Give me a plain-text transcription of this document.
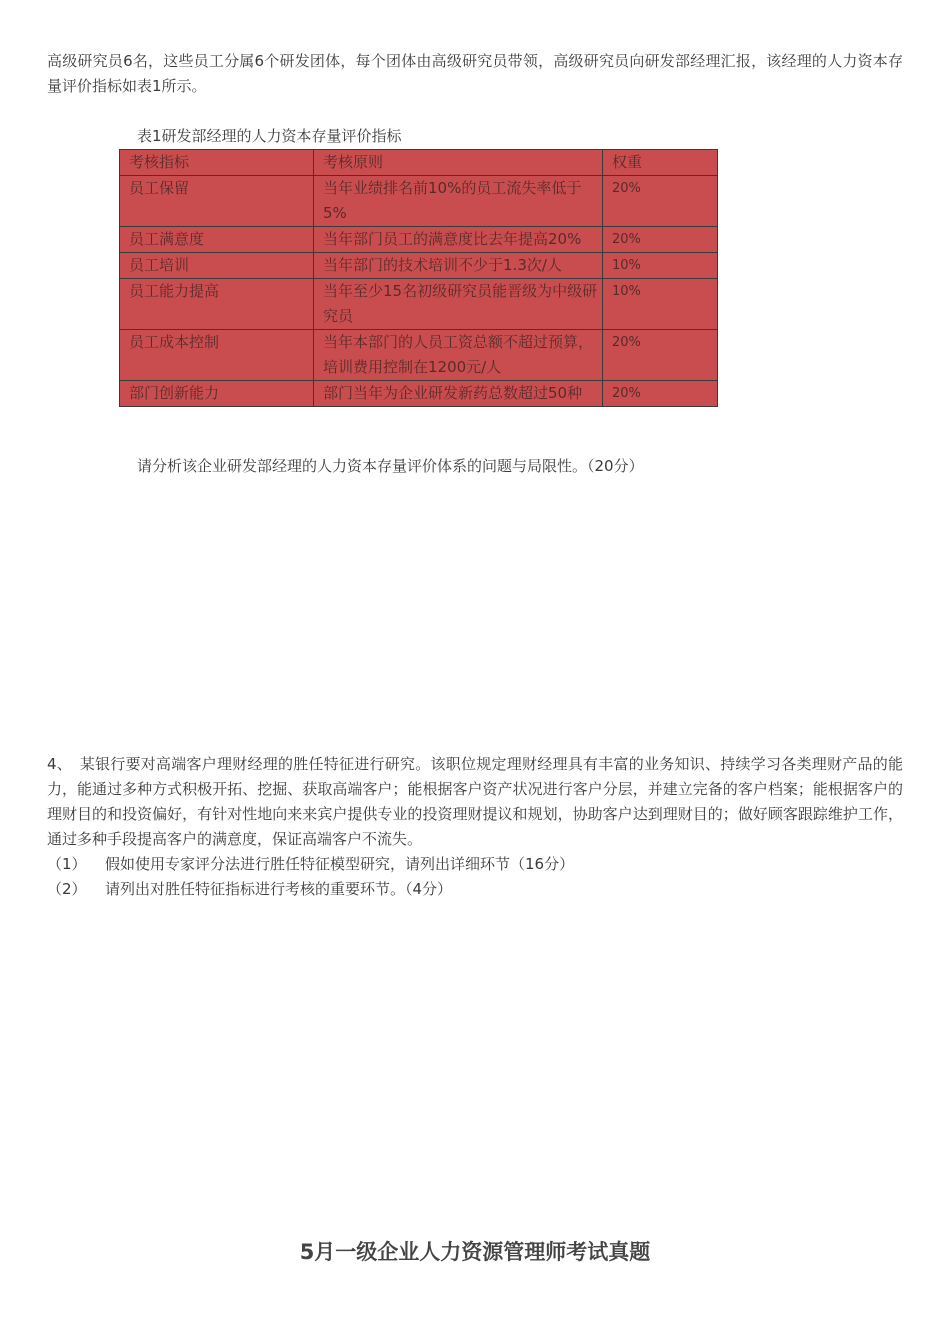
高级研究员6名，这些员工分属6个研发团体，每个团体由高级研究员带领，高级研究员向研发部经理汇报，该经理的人力资本存量评价指标如表1所示。
表1研发部经理的人力资本存量评价指标
考核指标	考核原则	权重
员工保留	当年业绩排名前10%的员工流失率低于5%	20%
员工满意度	当年部门员工的满意度比去年提高20%	20%
员工培训	当年部门的技术培训不少于1.3次/人	10%
员工能力提高	当年至少15名初级研究员能晋级为中级研究员	10%
员工成本控制	当年本部门的人员工资总额不超过预算，培训费用控制在1200元/人	20%
部门创新能力	部门当年为企业研发新药总数超过50种	20%
请分析该企业研发部经理的人力资本存量评价体系的问题与局限性。（20分）
4、　某银行要对高端客户理财经理的胜任特征进行研究。该职位规定理财经理具有丰富的业务知识、持续学习各类理财产品的能力，能通过多种方式积极开拓、挖掘、获取高端客户；能根据客户资产状况进行客户分层，并建立完备的客户档案；能根据客户的理财目的和投资偏好，有针对性地向来来宾户提供专业的投资理财提议和规划，协助客户达到理财目的；做好顾客跟踪维护工作，通过多种手段提高客户的满意度，保证高端客户不流失。
（1） 假如使用专家评分法进行胜任特征模型研究，请列出详细环节（16分）
（2） 请列出对胜任特征指标进行考核的重要环节。（4分）
5月一级企业人力资源管理师考试真题
